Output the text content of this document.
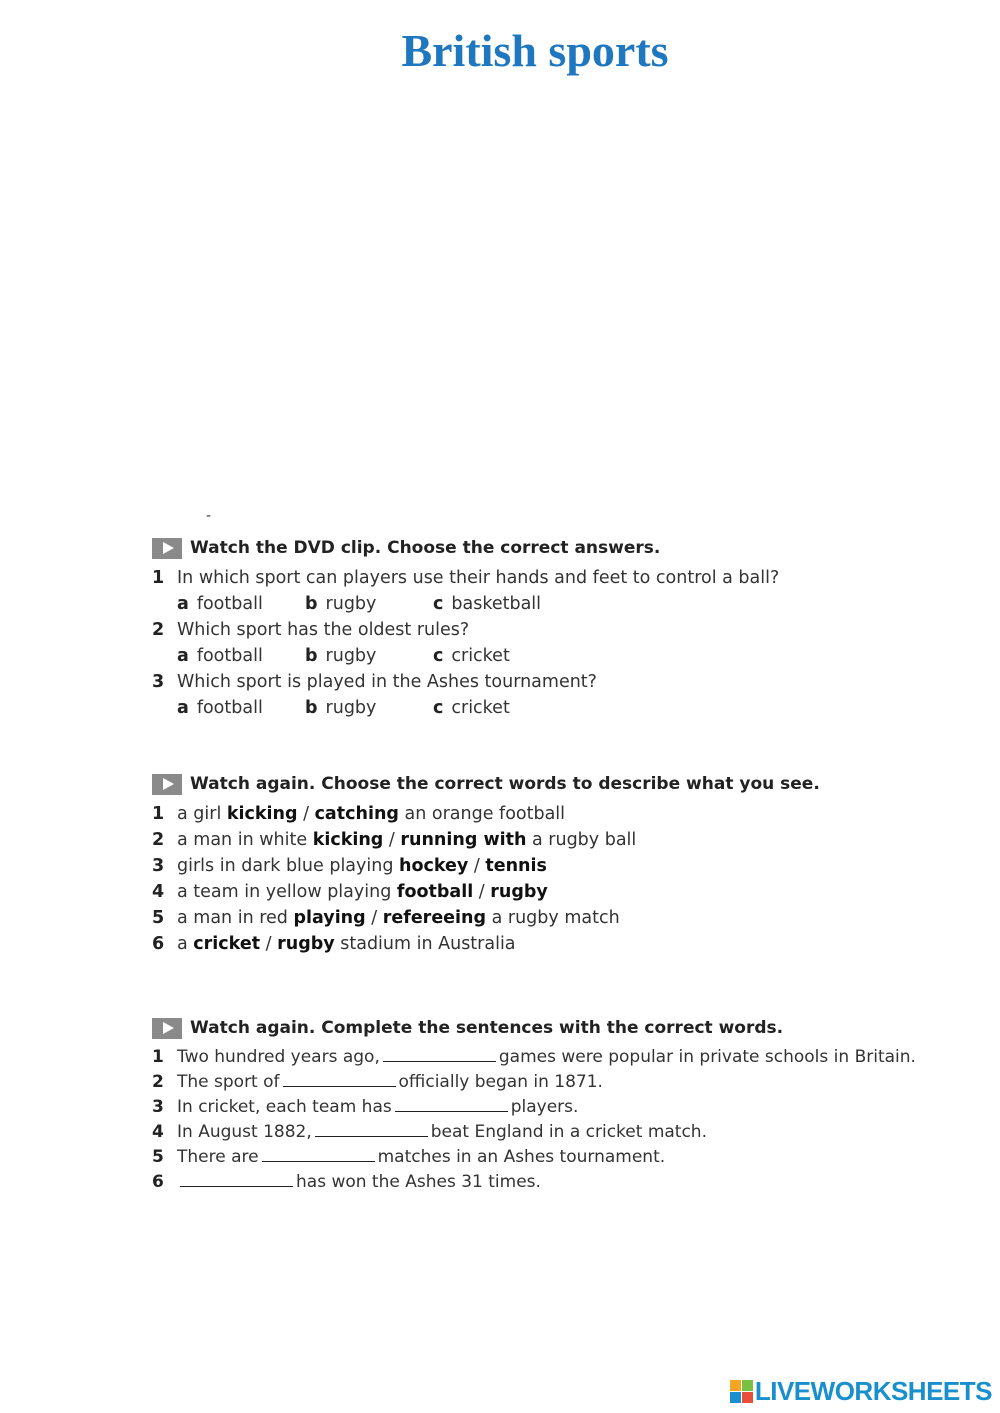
British sports
-
Watch the DVD clip. Choose the correct answers.
1 In which sport can players use their hands and feet to control a ball?
a football b rugby	c basketball
2 Which sport has the oldest rules?
a football b rugby	c cricket
3 Which sport is played in the Ashes tournament?
a football b rugby	c cricket
Watch again. Choose the correct words to describe what you see.
1 a girl kicking / catching an orange football
2 a man in white kicking / running with a rugby ball
3 girls in dark blue playing hockey / tennis
4 a team in yellow playing football / rugby
5 a man in red playing / refereeing a rugby match
6 a cricket / rugby stadium in Australia
Watch again. Complete the sentences with the correct words.
1 Two hundred years ago,	games were popular in private schools in Britain.
2 The sport of	officially began in 1871.
3 In cricket, each team has	players.
4 In August 1882,	beat England in a cricket match.
5 There are	matches in an Ashes tournament.
6	has won the Ashes 31 times.
LIVEWORKSHEETS
